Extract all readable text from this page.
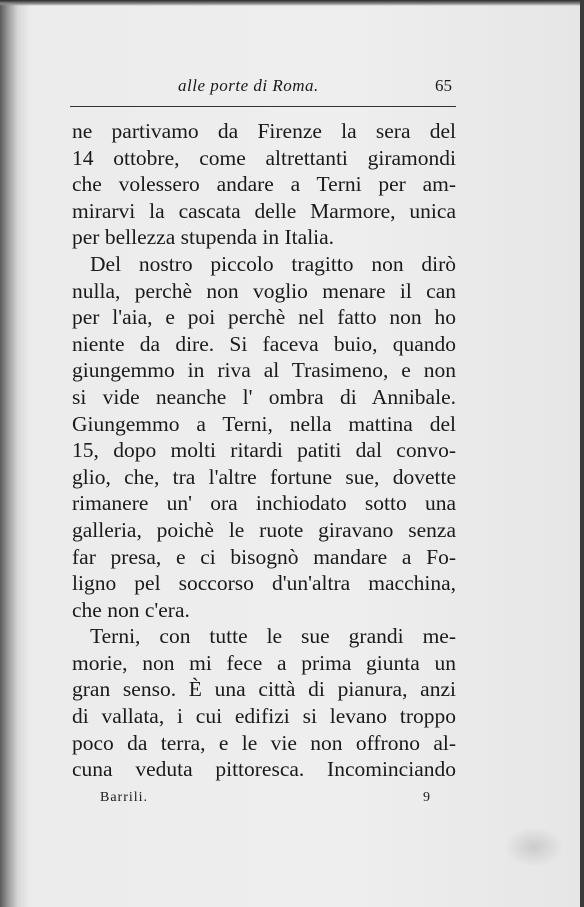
alle porte di Roma.	65
ne partivamo da Firenze la sera del
14 ottobre, come altrettanti giramondi
che volessero andare a Terni per am-
mirarvi la cascata delle Marmore, unica
per bellezza stupenda in Italia.
Del nostro piccolo tragitto non dirò
nulla, perchè non voglio menare il can
per l'aia, e poi perchè nel fatto non ho
niente da dire. Si faceva buio, quando
giungemmo in riva al Trasimeno, e non
si vide neanche l' ombra di Annibale.
Giungemmo a Terni, nella mattina del
15, dopo molti ritardi patiti dal convo-
glio, che, tra l'altre fortune sue, dovette
rimanere un' ora inchiodato sotto una
galleria, poichè le ruote giravano senza
far presa, e ci bisognò mandare a Fo-
ligno pel soccorso d'un'altra macchina,
che non c'era.
Terni, con tutte le sue grandi me-
morie, non mi fece a prima giunta un
gran senso. È una città di pianura, anzi
di vallata, i cui edifizi si levano troppo
poco da terra, e le vie non offrono al-
cuna veduta pittoresca. Incominciando
Barrili.	9
